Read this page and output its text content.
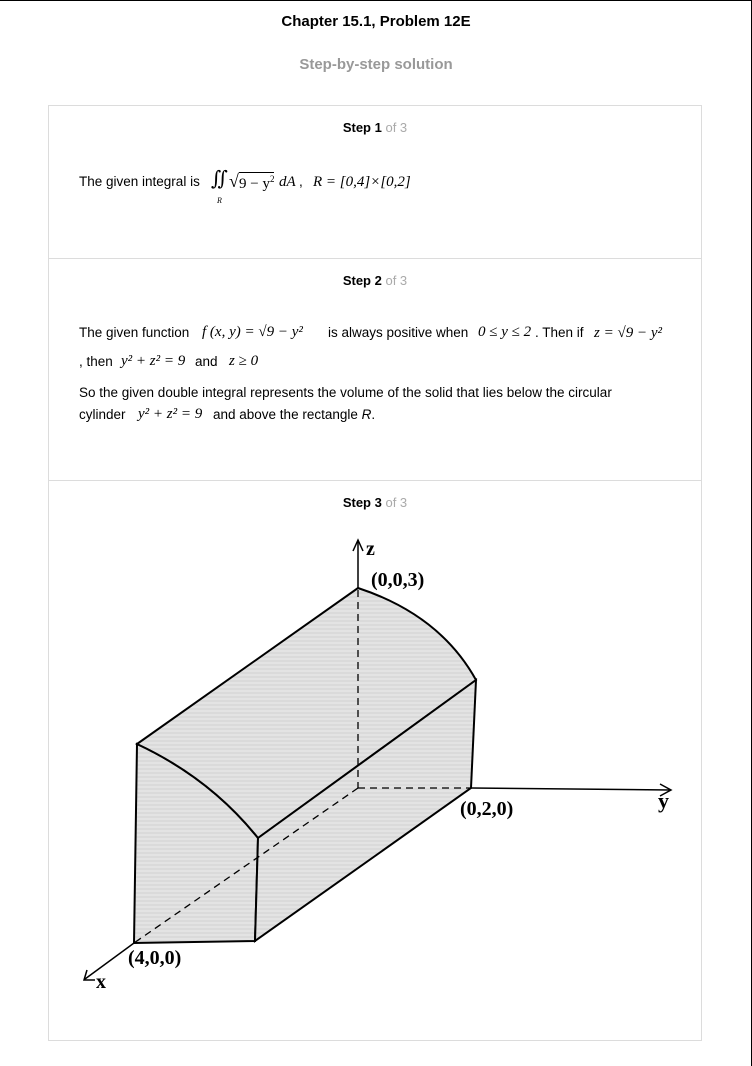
Chapter 15.1, Problem 12E
Step-by-step solution
Step 1 of 3
The given integral is ∬
R
√ $9 - y^2$ dA , R = [0,4]×[0,2]
Step 2 of 3
The given function f (x, y) = √9 − y² is always positive when 0 ≤ y ≤ 2 . Then if z = √9 − y²
, then y² + z² = 9 and z ≥ 0
So the given double integral represents the volume of the solid that lies below the circular
cylinder y² + z² = 9 and above the rectangle R.
Step 3 of 3
z
y
x
(0,0,3)
(0,2,0)
(4,0,0)
